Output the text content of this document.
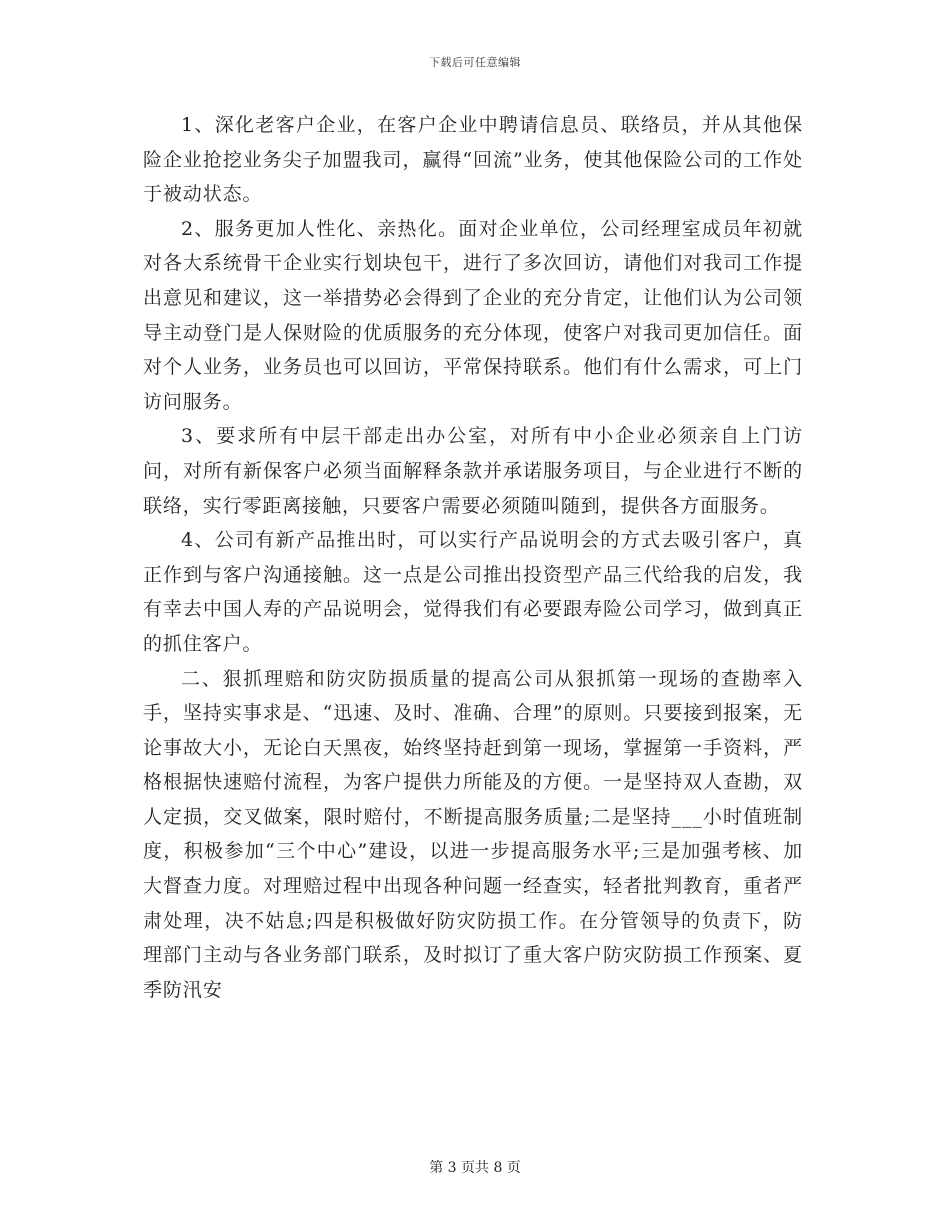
下载后可任意编辑

1、深化老客户企业，在客户企业中聘请信息员、联络员，并从其他保险企业抢挖业务尖子加盟我司，赢得“回流”业务，使其他保险公司的工作处于被动状态。

2、服务更加人性化、亲热化。面对企业单位，公司经理室成员年初就对各大系统骨干企业实行划块包干，进行了多次回访，请他们对我司工作提出意见和建议，这一举措势必会得到了企业的充分肯定，让他们认为公司领导主动登门是人保财险的优质服务的充分体现，使客户对我司更加信任。面对个人业务，业务员也可以回访，平常保持联系。他们有什么需求，可上门访问服务。

3、要求所有中层干部走出办公室，对所有中小企业必须亲自上门访问，对所有新保客户必须当面解释条款并承诺服务项目，与企业进行不断的联络，实行零距离接触，只要客户需要必须随叫随到，提供各方面服务。

4、公司有新产品推出时，可以实行产品说明会的方式去吸引客户，真正作到与客户沟通接触。这一点是公司推出投资型产品三代给我的启发，我有幸去中国人寿的产品说明会，觉得我们有必要跟寿险公司学习，做到真正的抓住客户。

二、狠抓理赔和防灾防损质量的提高公司从狠抓第一现场的查勘率入手，坚持实事求是、“迅速、及时、准确、合理”的原则。只要接到报案，无论事故大小，无论白天黑夜，始终坚持赶到第一现场，掌握第一手资料，严格根据快速赔付流程，为客户提供力所能及的方便。一是坚持双人查勘，双人定损，交叉做案，限时赔付，不断提高服务质量;二是坚持___小时值班制度，积极参加“三个中心”建设，以进一步提高服务水平;三是加强考核、加大督查力度。对理赔过程中出现各种问题一经查实，轻者批判教育，重者严肃处理，决不姑息;四是积极做好防灾防损工作。在分管领导的负责下，防理部门主动与各业务部门联系，及时拟订了重大客户防灾防损工作预案、夏季防汛安

第 3 页共 8 页
